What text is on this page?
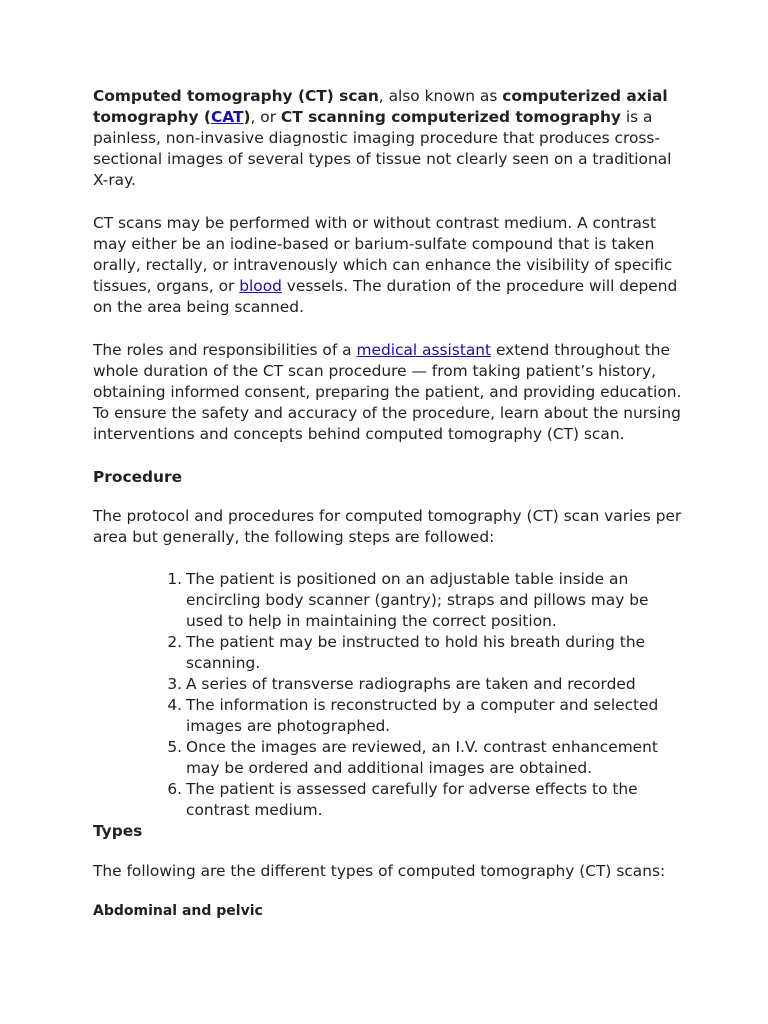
Computed tomography (CT) scan, also known as computerized axial tomography (CAT), or CT scanning computerized tomography is a painless, non-invasive diagnostic imaging procedure that produces cross-sectional images of several types of tissue not clearly seen on a traditional X-ray.

CT scans may be performed with or without contrast medium. A contrast may either be an iodine-based or barium-sulfate compound that is taken orally, rectally, or intravenously which can enhance the visibility of specific tissues, organs, or blood vessels. The duration of the procedure will depend on the area being scanned.

The roles and responsibilities of a medical assistant extend throughout the whole duration of the CT scan procedure — from taking patient’s history, obtaining informed consent, preparing the patient, and providing education. To ensure the safety and accuracy of the procedure, learn about the nursing interventions and concepts behind computed tomography (CT) scan.

Procedure

The protocol and procedures for computed tomography (CT) scan varies per area but generally, the following steps are followed:

1. The patient is positioned on an adjustable table inside an encircling body scanner (gantry); straps and pillows may be used to help in maintaining the correct position.
2. The patient may be instructed to hold his breath during the scanning.
3. A series of transverse radiographs are taken and recorded
4. The information is reconstructed by a computer and selected images are photographed.
5. Once the images are reviewed, an I.V. contrast enhancement may be ordered and additional images are obtained.
6. The patient is assessed carefully for adverse effects to the contrast medium.
Types

The following are the different types of computed tomography (CT) scans:

Abdominal and pelvic
